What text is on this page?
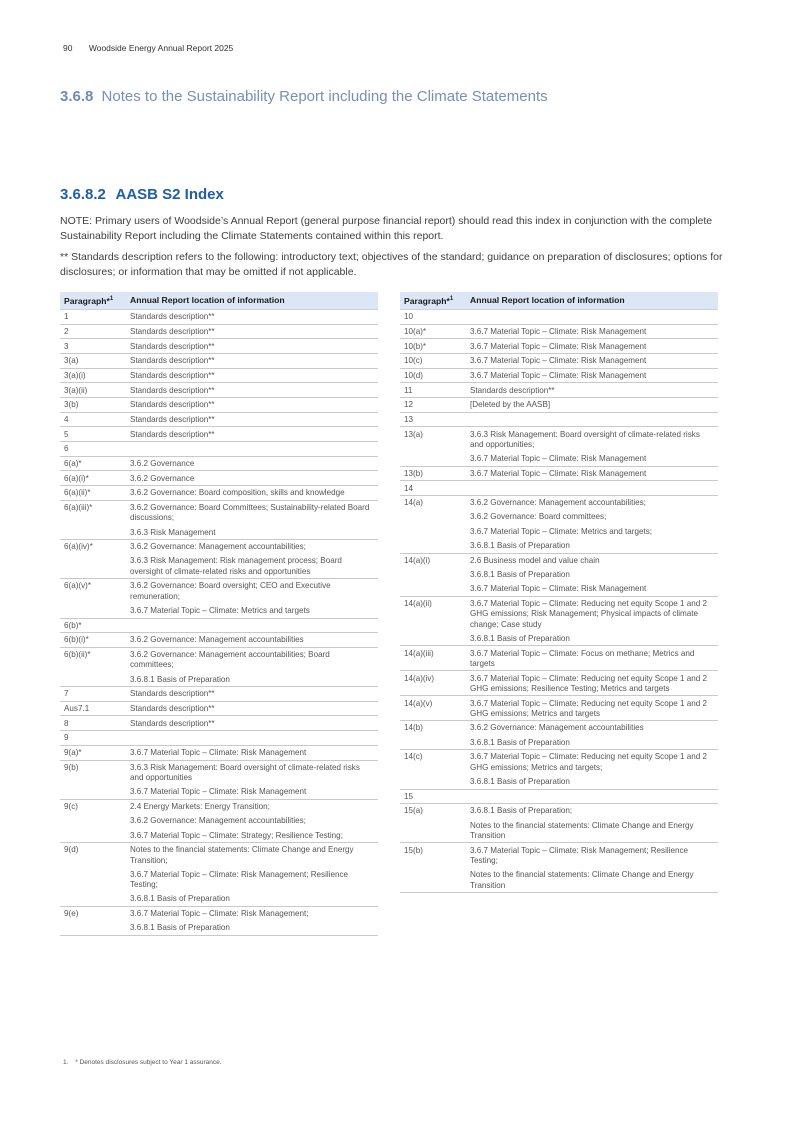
90 Woodside Energy Annual Report 2025
3.6.8 Notes to the Sustainability Report including the Climate Statements
3.6.8.2 AASB S2 Index

NOTE: Primary users of Woodside’s Annual Report (general purpose financial report) should read this index in conjunction with the complete Sustainability Report including the Climate Statements contained within this report.

** Standards description refers to the following: introductory text; objectives of the standard; guidance on preparation of disclosures; options for disclosures; or information that may be omitted if not applicable.

Paragraph*$^1$	Annual Report location of information
1	Standards description**

2	Standards description**

3	Standards description**

3(a)	Standards description**

3(a)(i)	Standards description**

3(a)(ii)	Standards description**

3(b)	Standards description**

4	Standards description**

5	Standards description**

6	
6(a)*	3.6.2 Governance

6(a)(i)*	3.6.2 Governance

6(a)(ii)*	3.6.2 Governance: Board composition, skills and knowledge

6(a)(iii)*	3.6.2 Governance: Board Committees; Sustainability-related Board discussions;
3.6.3 Risk Management

6(a)(iv)*	3.6.2 Governance: Management accountabilities;
3.6.3 Risk Management: Risk management process; Board oversight of climate-related risks and opportunities

6(a)(v)*	3.6.2 Governance: Board oversight; CEO and Executive remuneration;
3.6.7 Material Topic – Climate: Metrics and targets

6(b)*	
6(b)(i)*	3.6.2 Governance: Management accountabilities

6(b)(ii)*	3.6.2 Governance: Management accountabilities; Board committees;
3.6.8.1 Basis of Preparation

7	Standards description**

Aus7.1	Standards description**

8	Standards description**

9	
9(a)*	3.6.7 Material Topic – Climate: Risk Management

9(b)	3.6.3 Risk Management: Board oversight of climate-related risks and opportunities
3.6.7 Material Topic – Climate: Risk Management

9(c)	2.4 Energy Markets: Energy Transition;
3.6.2 Governance: Management accountabilities;
3.6.7 Material Topic – Climate: Strategy; Resilience Testing;

9(d)	Notes to the financial statements: Climate Change and Energy Transition;
3.6.7 Material Topic – Climate: Risk Management; Resilience Testing;
3.6.8.1 Basis of Preparation

9(e)	3.6.7 Material Topic – Climate: Risk Management;
3.6.8.1 Basis of Preparation
Paragraph*$^1$	Annual Report location of information
10	
10(a)*	3.6.7 Material Topic – Climate: Risk Management

10(b)*	3.6.7 Material Topic – Climate: Risk Management

10(c)	3.6.7 Material Topic – Climate: Risk Management

10(d)	3.6.7 Material Topic – Climate: Risk Management

11	Standards description**

12	[Deleted by the AASB]

13	
13(a)	3.6.3 Risk Management: Board oversight of climate-related risks and opportunities;
3.6.7 Material Topic – Climate: Risk Management

13(b)	3.6.7 Material Topic – Climate: Risk Management

14	
14(a)	3.6.2 Governance: Management accountabilities;
3.6.2 Governance: Board committees;
3.6.7 Material Topic – Climate: Metrics and targets;
3.6.8.1 Basis of Preparation

14(a)(i)	2.6 Business model and value chain
3.6.8.1 Basis of Preparation
3.6.7 Material Topic – Climate: Risk Management

14(a)(ii)	3.6.7 Material Topic – Climate: Reducing net equity Scope 1 and 2 GHG emissions; Risk Management; Physical impacts of climate change; Case study
3.6.8.1 Basis of Preparation

14(a)(iii)	3.6.7 Material Topic – Climate: Focus on methane; Metrics and targets

14(a)(iv)	3.6.7 Material Topic – Climate: Reducing net equity Scope 1 and 2 GHG emissions; Resilience Testing; Metrics and targets

14(a)(v)	3.6.7 Material Topic – Climate: Reducing net equity Scope 1 and 2 GHG emissions; Metrics and targets

14(b)	3.6.2 Governance: Management accountabilities
3.6.8.1 Basis of Preparation

14(c)	3.6.7 Material Topic – Climate: Reducing net equity Scope 1 and 2 GHG emissions; Metrics and targets;
3.6.8.1 Basis of Preparation

15	
15(a)	3.6.8.1 Basis of Preparation;
Notes to the financial statements: Climate Change and Energy Transition

15(b)	3.6.7 Material Topic – Climate: Risk Management; Resilience Testing;
Notes to the financial statements: Climate Change and Energy Transition
1. * Denotes disclosures subject to Year 1 assurance.
